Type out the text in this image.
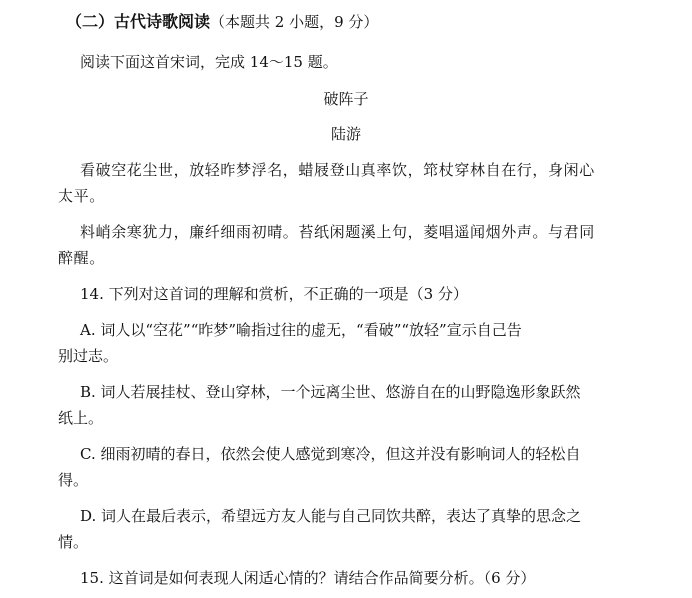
（二）古代诗歌阅读（本题共 2 小题，9 分）
阅读下面这首宋词，完成 14～15 题。
破阵子
陆游
看破空花尘世，放轻昨梦浮名，蜡屐登山真率饮，筇杖穿林自在行，身闲心
太平。
料峭余寒犹力，廉纤细雨初晴。苔纸闲题溪上句，菱唱遥闻烟外声。与君同
醉醒。
14. 下列对这首词的理解和赏析，不正确的一项是（3 分）
A. 词人以“空花”“昨梦”喻指过往的虚无，“看破”“放轻”宣示自己告
别过志。
B. 词人若展挂杖、登山穿林，一个远离尘世、悠游自在的山野隐逸形象跃然
纸上。
C. 细雨初晴的春日，依然会使人感觉到寒冷，但这并没有影响词人的轻松自
得。
D. 词人在最后表示，希望远方友人能与自己同饮共醉，表达了真挚的思念之
情。
15. 这首词是如何表现人闲适心情的？请结合作品简要分析。（6 分）
